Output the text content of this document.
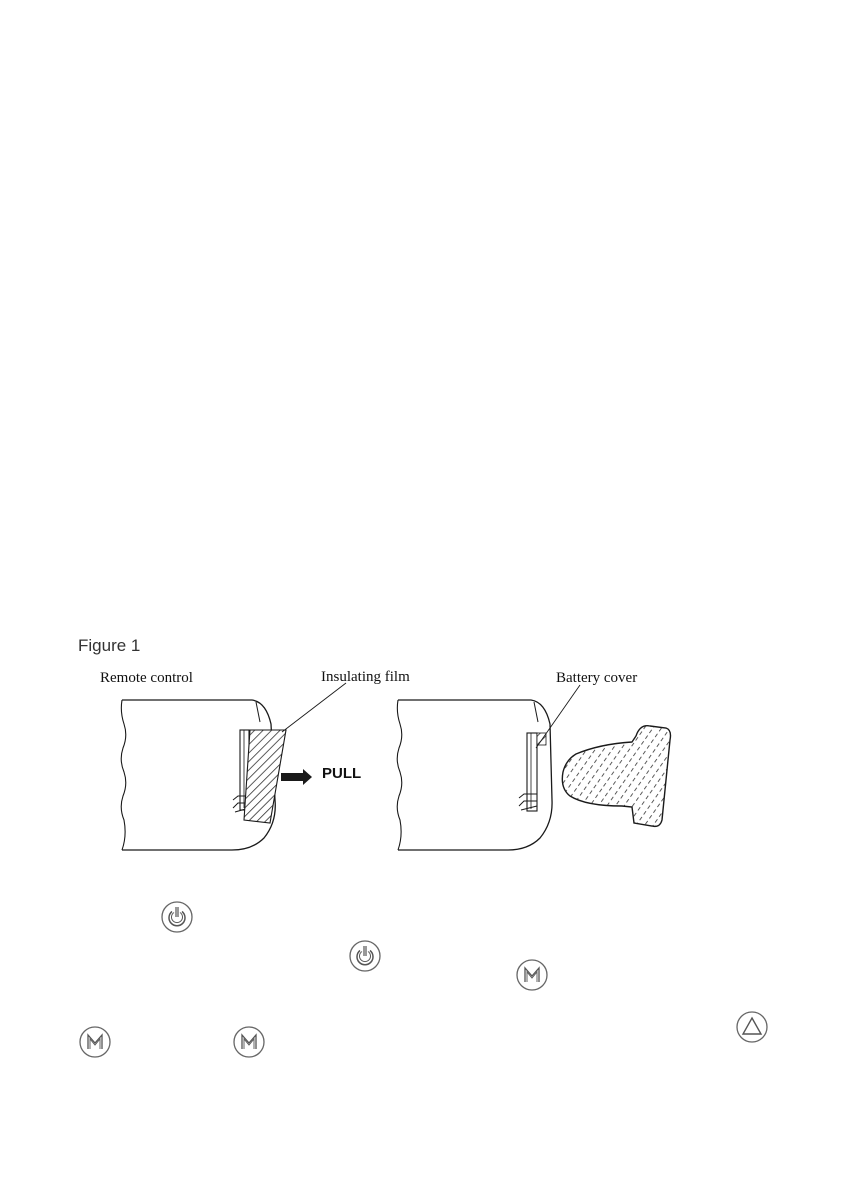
Figure 1
Remote control	Insulating film	Battery cover
PULL
